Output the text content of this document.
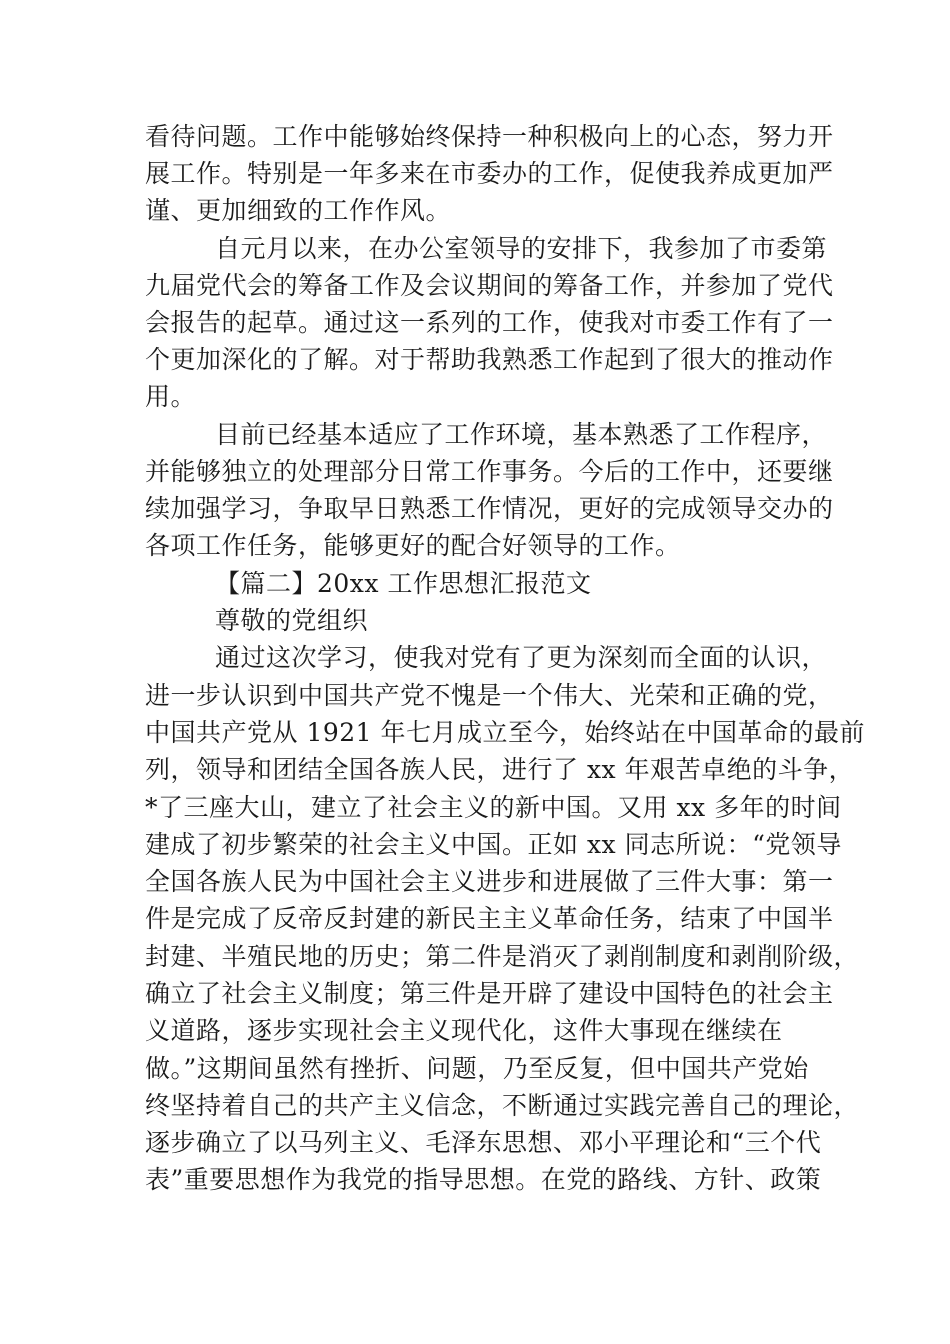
看待问题。工作中能够始终保持一种积极向上的心态，努力开
展工作。特别是一年多来在市委办的工作，促使我养成更加严
谨、更加细致的工作作风。
自元月以来，在办公室领导的安排下，我参加了市委第
九届党代会的筹备工作及会议期间的筹备工作，并参加了党代
会报告的起草。通过这一系列的工作，使我对市委工作有了一
个更加深化的了解。对于帮助我熟悉工作起到了很大的推动作
用。
目前已经基本适应了工作环境，基本熟悉了工作程序，
并能够独立的处理部分日常工作事务。今后的工作中，还要继
续加强学习，争取早日熟悉工作情况，更好的完成领导交办的
各项工作任务，能够更好的配合好领导的工作。
【篇二】20xx 工作思想汇报范文
尊敬的党组织
通过这次学习，使我对党有了更为深刻而全面的认识，
进一步认识到中国共产党不愧是一个伟大、光荣和正确的党，
中国共产党从 1921 年七月成立至今，始终站在中国革命的最前
列，领导和团结全国各族人民，进行了 xx 年艰苦卓绝的斗争，
*了三座大山，建立了社会主义的新中国。又用 xx 多年的时间
建成了初步繁荣的社会主义中国。正如 xx 同志所说：“党领导
全国各族人民为中国社会主义进步和进展做了三件大事：第一
件是完成了反帝反封建的新民主主义革命任务，结束了中国半
封建、半殖民地的历史；第二件是消灭了剥削制度和剥削阶级，
确立了社会主义制度；第三件是开辟了建设中国特色的社会主
义道路，逐步实现社会主义现代化，这件大事现在继续在
做。”这期间虽然有挫折、问题，乃至反复，但中国共产党始
终坚持着自己的共产主义信念，不断通过实践完善自己的理论，
逐步确立了以马列主义、毛泽东思想、邓小平理论和“三个代
表”重要思想作为我党的指导思想。在党的路线、方针、政策
